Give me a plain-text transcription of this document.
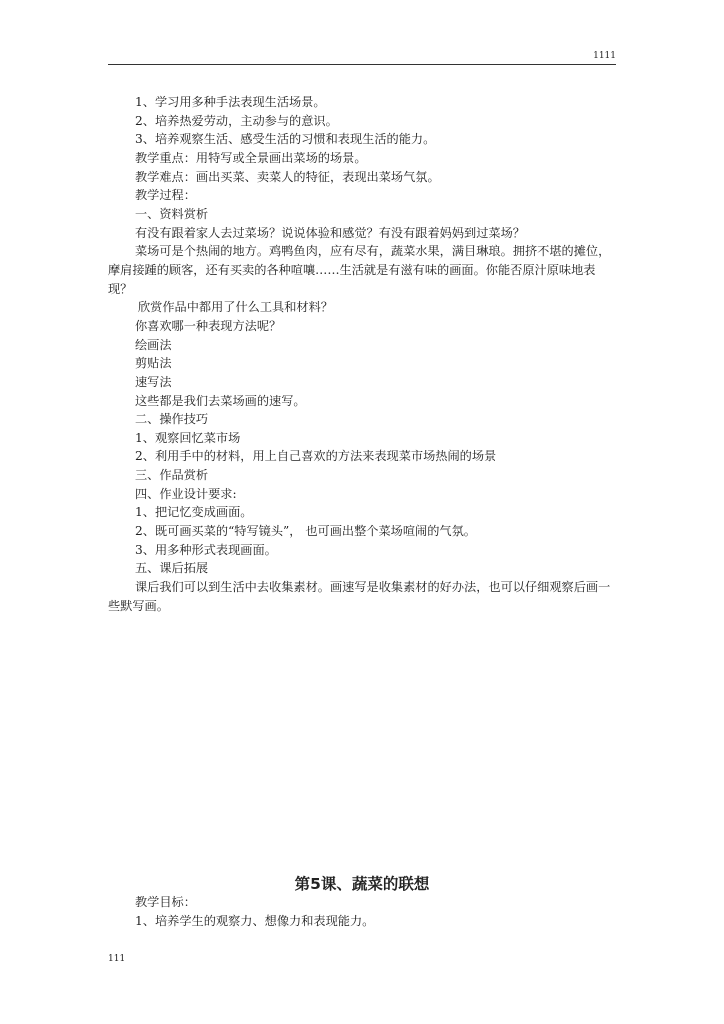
1111

1、学习用多种手法表现生活场景。

2、培养热爱劳动，主动参与的意识。

3、培养观察生活、感受生活的习惯和表现生活的能力。

教学重点：用特写或全景画出菜场的场景。

教学难点：画出买菜、卖菜人的特征，表现出菜场气氛。

教学过程：

一、资料赏析

有没有跟着家人去过菜场？说说体验和感觉？有没有跟着妈妈到过菜场？

菜场可是个热闹的地方。鸡鸭鱼肉，应有尽有，蔬菜水果，满目琳琅。拥挤不堪的摊位，摩肩接踵的顾客，还有买卖的各种喧嚷……生活就是有滋有味的画面。你能否原汁原味地表现？

欣赏作品中都用了什么工具和材料？

你喜欢哪一种表现方法呢？

绘画法

剪贴法

速写法

这些都是我们去菜场画的速写。

二、操作技巧

1、观察回忆菜市场

2、利用手中的材料，用上自己喜欢的方法来表现菜市场热闹的场景

三、作品赏析

四、作业设计要求:

1、把记忆变成画面。

2、既可画买菜的“特写镜头”， 也可画出整个菜场喧闹的气氛。

3、用多种形式表现画面。

五、课后拓展

课后我们可以到生活中去收集素材。画速写是收集素材的好办法，也可以仔细观察后画一些默写画。

第5课、蔬菜的联想

教学目标：

1、培养学生的观察力、想像力和表现能力。

111
